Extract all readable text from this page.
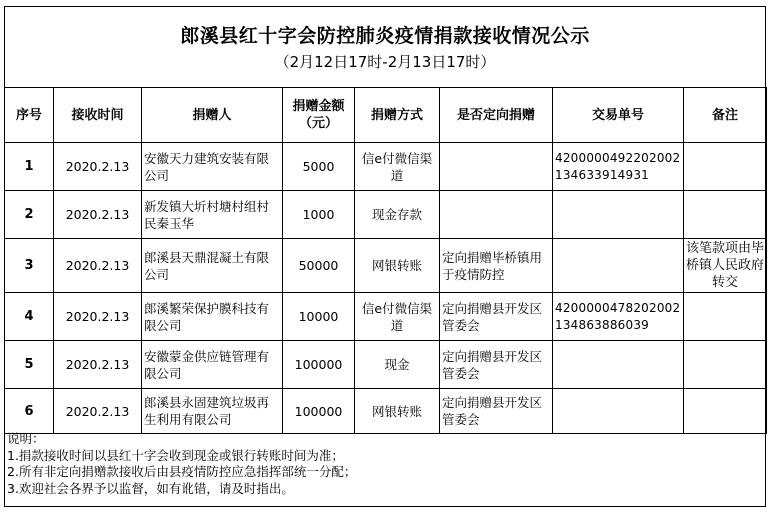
郎溪县红十字会防控肺炎疫情捐款接收情况公示
（2月12日17时-2月13日17时）
序号	接收时间	捐赠人	捐赠金额（元）	捐赠方式	是否定向捐赠	交易单号	备注
1	2020.2.13	安徽天力建筑安装有限公司	5000	信e付微信渠道		4200000492202002134633914931	
2	2020.2.13	新发镇大圻村塘村组村民秦玉华	1000	现金存款			
3	2020.2.13	郎溪县天鼎混凝土有限公司	50000	网银转账	定向捐赠毕桥镇用于疫情防控		该笔款项由毕桥镇人民政府转交
4	2020.2.13	郎溪繁荣保护膜科技有限公司	10000	信e付微信渠道	定向捐赠县开发区管委会	4200000478202002134863886039	
5	2020.2.13	安徽蒙金供应链管理有限公司	100000	现金	定向捐赠县开发区管委会		
6	2020.2.13	郎溪县永固建筑垃圾再生利用有限公司	100000	网银转账	定向捐赠县开发区管委会		
说明：
1.捐款接收时间以县红十字会收到现金或银行转账时间为准；
2.所有非定向捐赠款接收后由县疫情防控应急指挥部统一分配；
3.欢迎社会各界予以监督，如有讹错，请及时指出。
